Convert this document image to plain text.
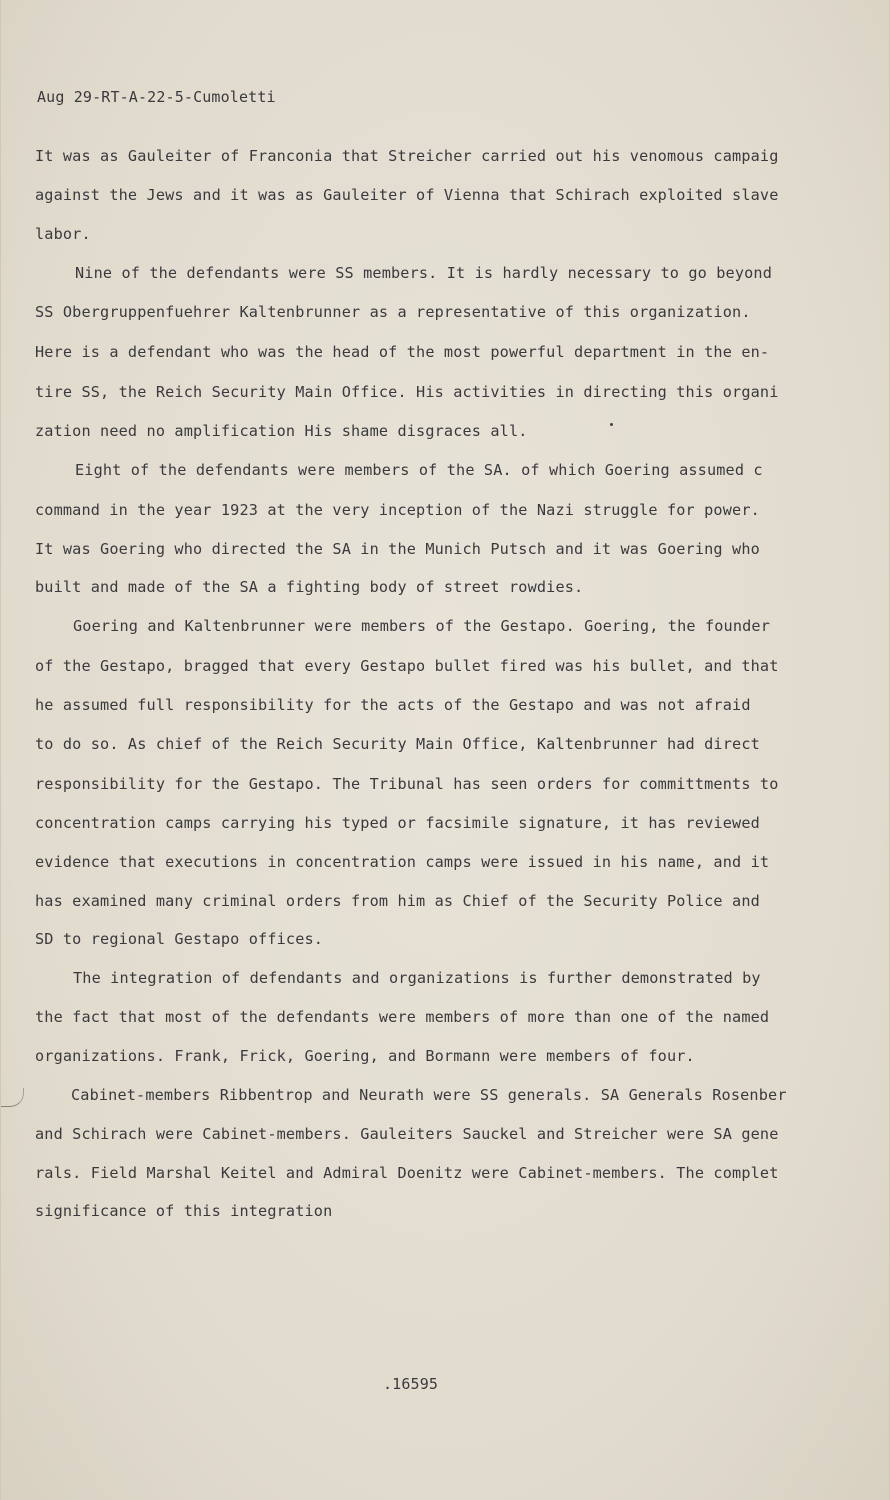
Aug 29-RT-A-22-5-Cumoletti

It was as Gauleiter of Franconia that Streicher carried out his venomous campaig

against the Jews and it was as Gauleiter of Vienna that Schirach exploited slave

labor.

Nine of the defendants were SS members. It is hardly necessary to go beyond

SS Obergruppenfuehrer Kaltenbrunner as a representative of this organization.

Here is a defendant who was the head of the most powerful department in the en-

tire SS, the Reich Security Main Office. His activities in directing this organi

zation need no amplification His shame disgraces all.

Eight of the defendants were members of the SA. of which Goering assumed c

command in the year 1923 at the very inception of the Nazi struggle for power.

It was Goering who directed the SA in the Munich Putsch and it was Goering who

built and made of the SA a fighting body of street rowdies.

Goering and Kaltenbrunner were members of the Gestapo. Goering, the founder

of the Gestapo, bragged that every Gestapo bullet fired was his bullet, and that

he assumed full responsibility for the acts of the Gestapo and was not afraid

to do so. As chief of the Reich Security Main Office, Kaltenbrunner had direct

responsibility for the Gestapo. The Tribunal has seen orders for committments to

concentration camps carrying his typed or facsimile signature, it has reviewed

evidence that executions in concentration camps were issued in his name, and it

has examined many criminal orders from him as Chief of the Security Police and

SD to regional Gestapo offices.

The integration of defendants and organizations is further demonstrated by

the fact that most of the defendants were members of more than one of the named

organizations. Frank, Frick, Goering, and Bormann were members of four.

Cabinet-members Ribbentrop and Neurath were SS generals. SA Generals Rosenber

and Schirach were Cabinet-members. Gauleiters Sauckel and Streicher were SA gene

rals. Field Marshal Keitel and Admiral Doenitz were Cabinet-members. The complet

significance of this integration

.16595
